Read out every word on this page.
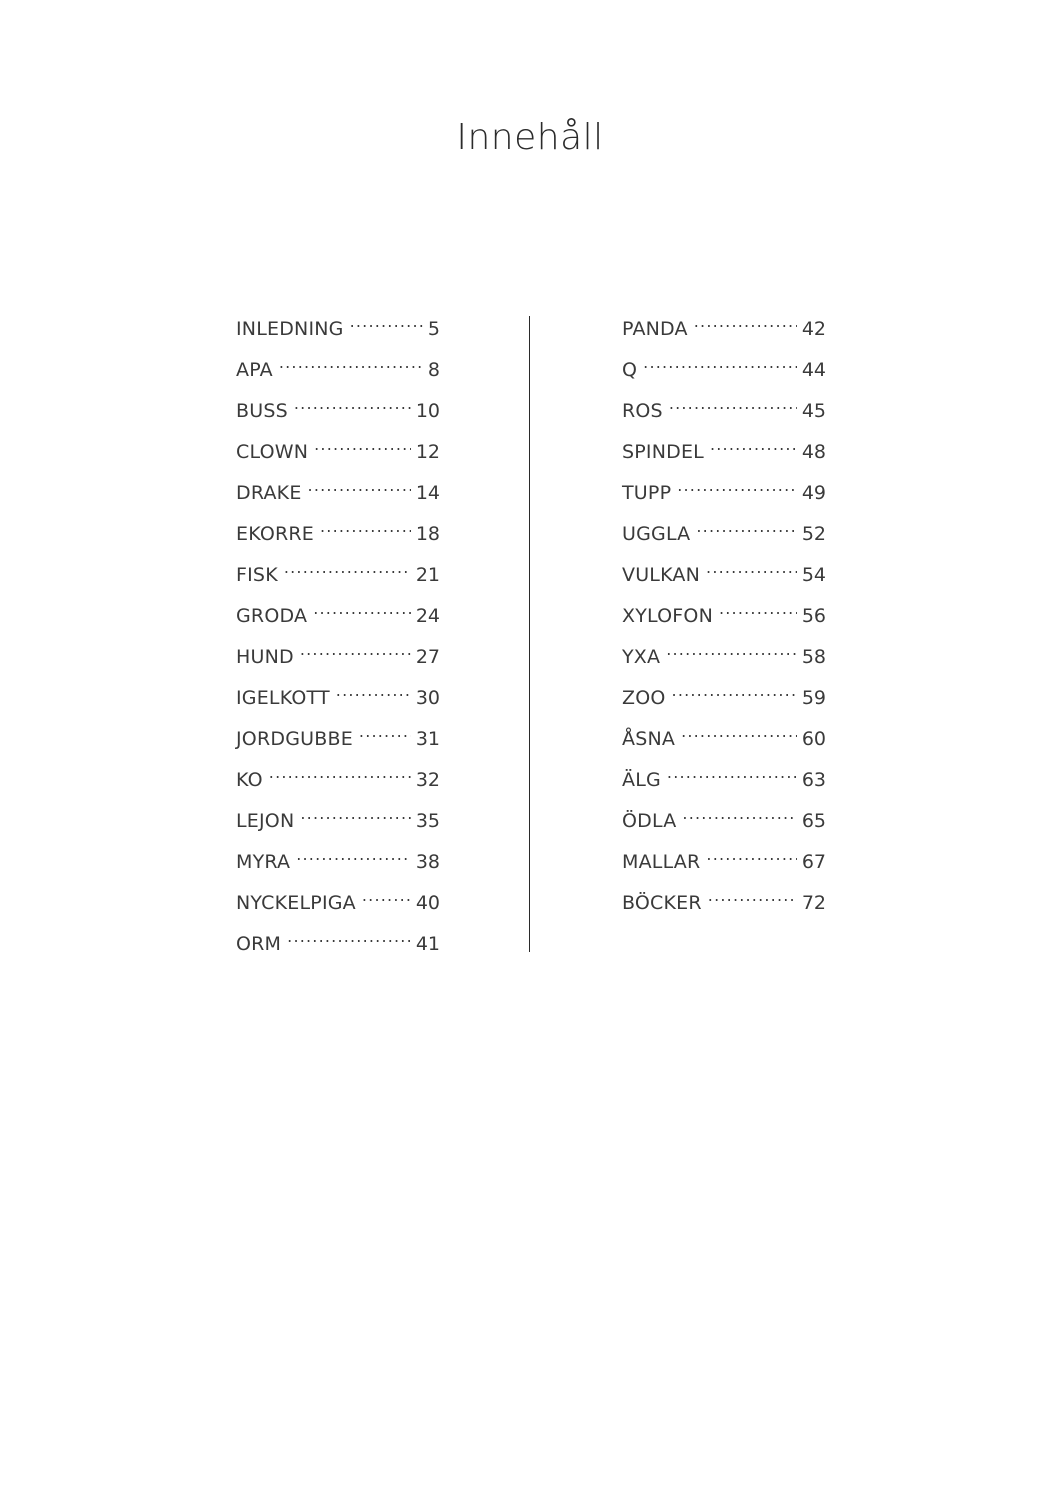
Innehåll
INLEDNING .....	5
APA .....	8
BUSS .....	10
CLOWN .....	12
DRAKE .....	14
EKORRE .....	18
FISK .....	21
GRODA .....	24
HUND .....	27
IGELKOTT .....	30
JORDGUBBE .....	31
KO .....	32
LEJON .....	35
MYRA .....	38
NYCKELPIGA .....	40
ORM .....	41
PANDA .....	42
Q .....	44
ROS .....	45
SPINDEL .....	48
TUPP .....	49
UGGLA .....	52
VULKAN .....	54
XYLOFON .....	56
YXA .....	58
ZOO .....	59
ÅSNA .....	60
ÄLG .....	63
ÖDLA .....	65
MALLAR .....	67
BÖCKER .....	72
